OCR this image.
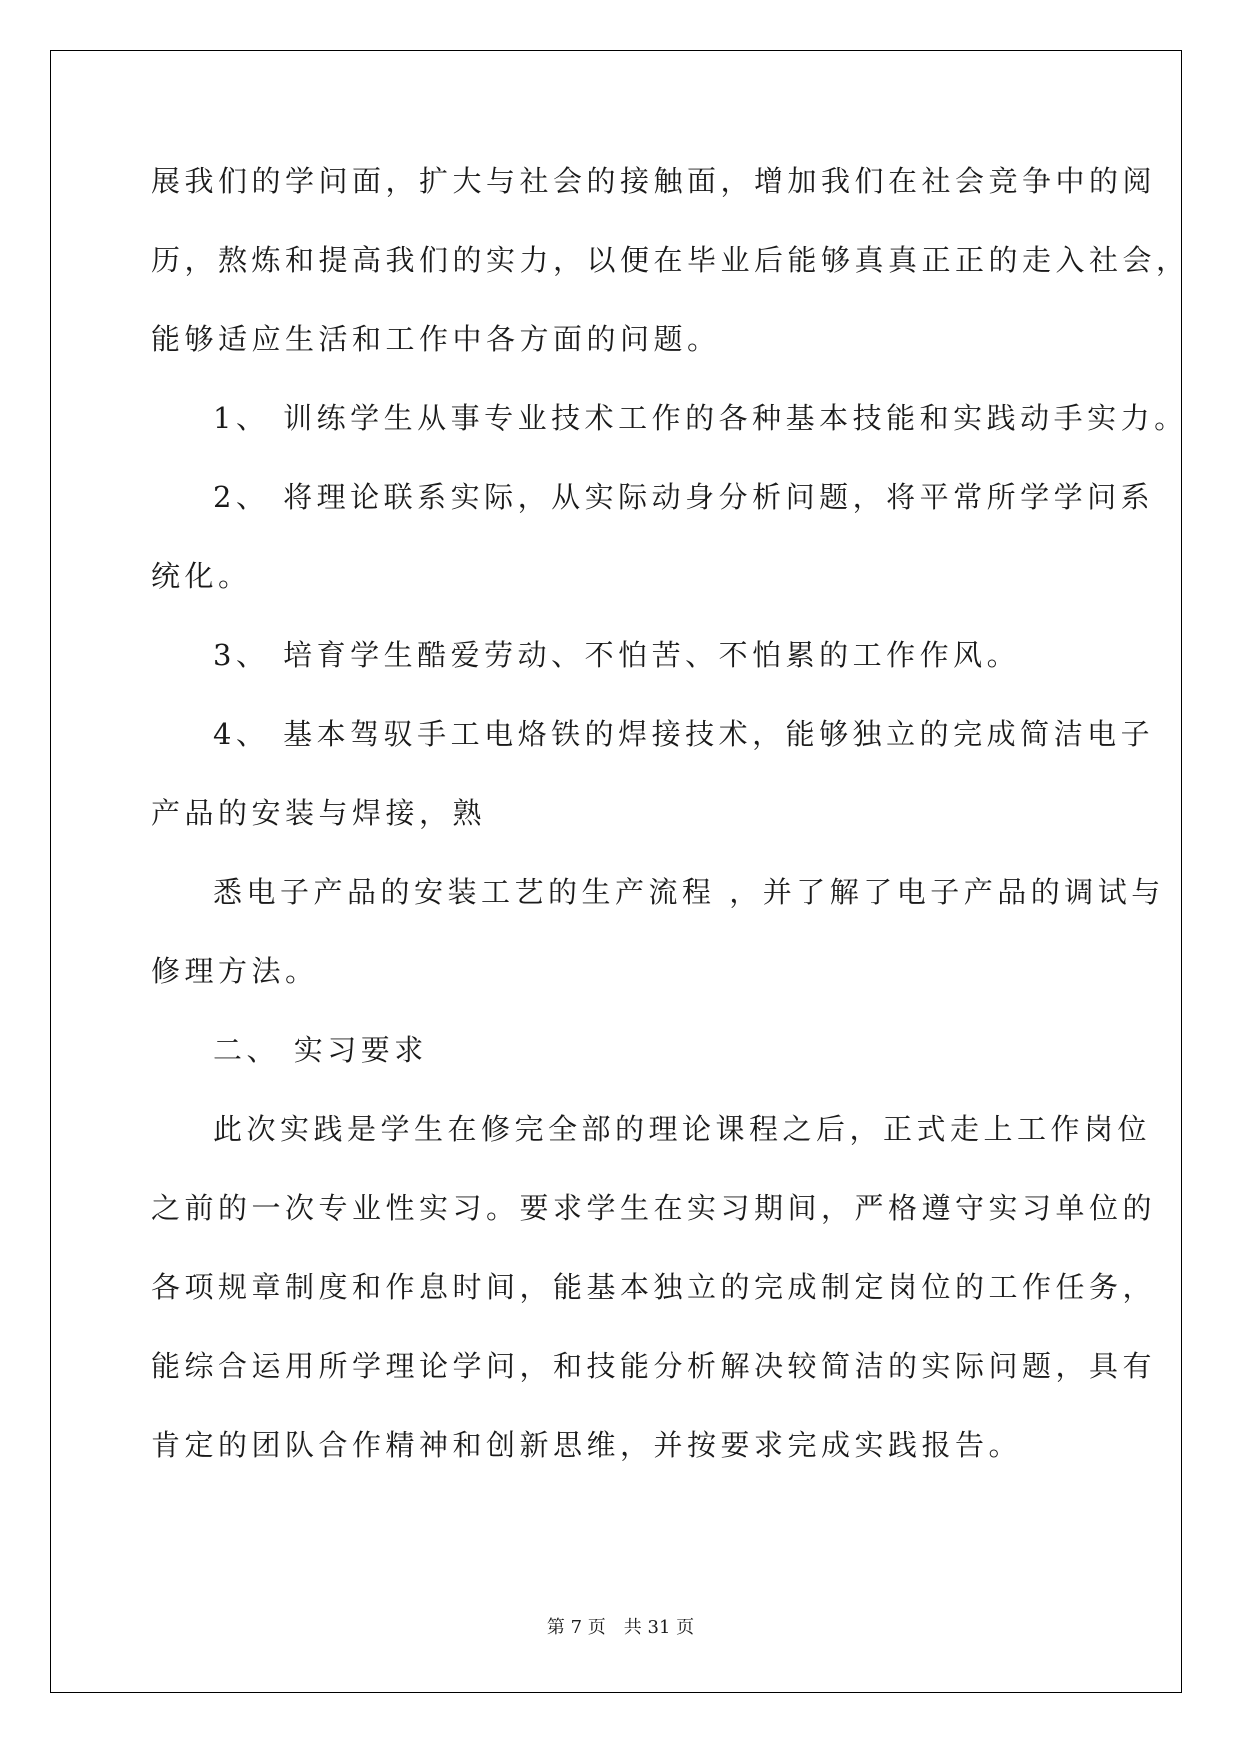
展我们的学问面，扩大与社会的接触面，增加我们在社会竞争中的阅
历，熬炼和提高我们的实力，以便在毕业后能够真真正正的走入社会，
能够适应生活和工作中各方面的问题。
1、 训练学生从事专业技术工作的各种基本技能和实践动手实力。
2、 将理论联系实际，从实际动身分析问题，将平常所学学问系
统化。
3、 培育学生酷爱劳动、不怕苦、不怕累的工作作风。
4、 基本驾驭手工电烙铁的焊接技术，能够独立的完成简洁电子
产品的安装与焊接，熟
悉电子产品的安装工艺的生产流程 ，并了解了电子产品的调试与
修理方法。
二、 实习要求
此次实践是学生在修完全部的理论课程之后，正式走上工作岗位
之前的一次专业性实习。要求学生在实习期间，严格遵守实习单位的
各项规章制度和作息时间，能基本独立的完成制定岗位的工作任务，
能综合运用所学理论学问，和技能分析解决较简洁的实际问题，具有
肯定的团队合作精神和创新思维，并按要求完成实践报告。
第 7 页　共 31 页
